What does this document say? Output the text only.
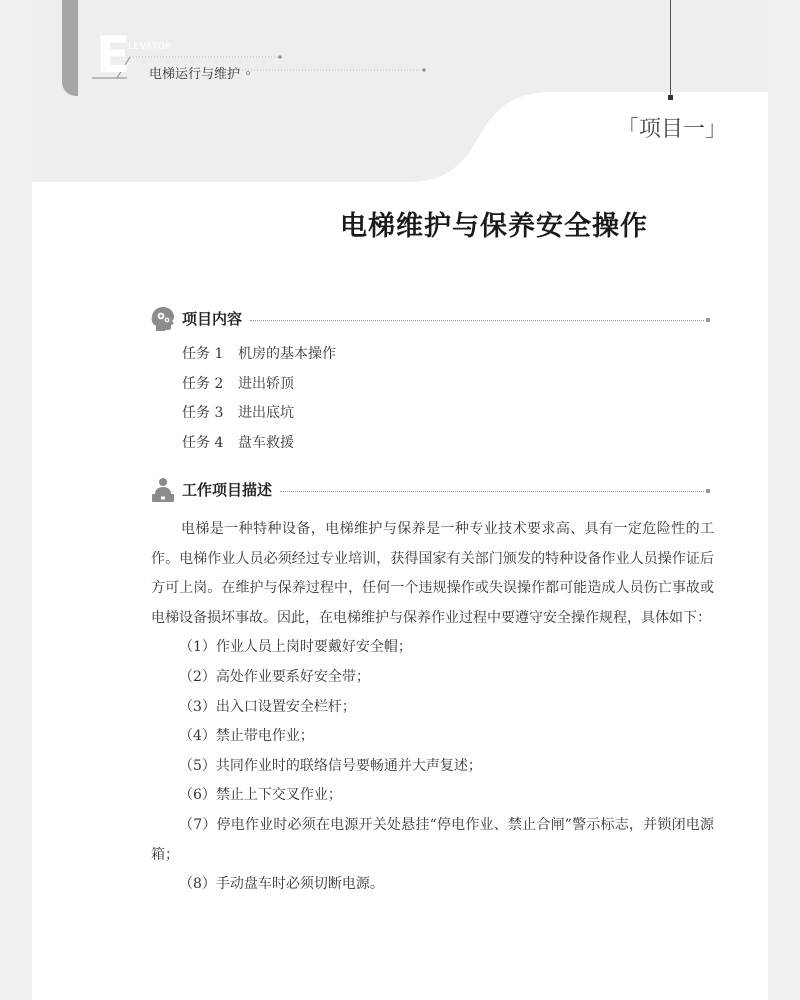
E
LEVATOR
电梯运行与维护 ◦
「项目一」
电梯维护与保养安全操作
项目内容
任务 1 机房的基本操作
任务 2 进出轿顶
任务 3 进出底坑
任务 4 盘车救援
工作项目描述

电梯是一种特种设备，电梯维护与保养是一种专业技术要求高、具有一定危险性的工作。电梯作业人员必须经过专业培训，获得国家有关部门颁发的特种设备作业人员操作证后方可上岗。在维护与保养过程中，任何一个违规操作或失误操作都可能造成人员伤亡事故或电梯设备损坏事故。因此，在电梯维护与保养作业过程中要遵守安全操作规程，具体如下：

（1）作业人员上岗时要戴好安全帽；

（2）高处作业要系好安全带；

（3）出入口设置安全栏杆；

（4）禁止带电作业；

（5）共同作业时的联络信号要畅通并大声复述；

（6）禁止上下交叉作业；

（7）停电作业时必须在电源开关处悬挂“停电作业、禁止合闸”警示标志，并锁闭电源箱；

（8）手动盘车时必须切断电源。
